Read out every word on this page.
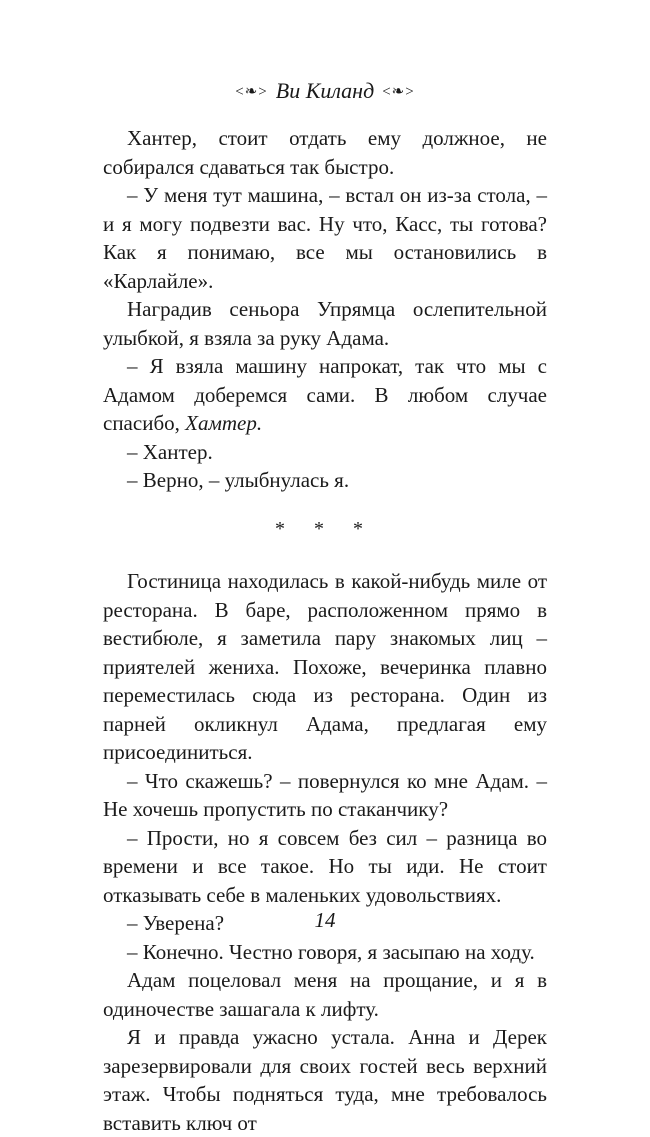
<❧> Ви Киланд <❧>

Хантер, стоит отдать ему должное, не собирался сдаваться так быстро.

– У меня тут машина, – встал он из-за стола, – и я могу подвезти вас. Ну что, Касс, ты готова? Как я понимаю, все мы остановились в «Карлайле».

Наградив сеньора Упрямца ослепительной улыбкой, я взяла за руку Адама.

– Я взяла машину напрокат, так что мы с Адамом доберемся сами. В любом случае спасибо, Хамтер.

– Хантер.

– Верно, – улыбнулась я.

* * *

Гостиница находилась в какой-нибудь миле от ресторана. В баре, расположенном прямо в вестибюле, я заметила пару знакомых лиц – приятелей жениха. Похоже, вечеринка плавно переместилась сюда из ресторана. Один из парней окликнул Адама, предлагая ему присоединиться.

– Что скажешь? – повернулся ко мне Адам. – Не хочешь пропустить по стаканчику?

– Прости, но я совсем без сил – разница во времени и все такое. Но ты иди. Не стоит отказывать себе в маленьких удовольствиях.

– Уверена?

– Конечно. Честно говоря, я засыпаю на ходу.

Адам поцеловал меня на прощание, и я в одиночестве зашагала к лифту.

Я и правда ужасно устала. Анна и Дерек зарезервировали для своих гостей весь верхний этаж. Чтобы подняться туда, мне требовалось вставить ключ от

14
